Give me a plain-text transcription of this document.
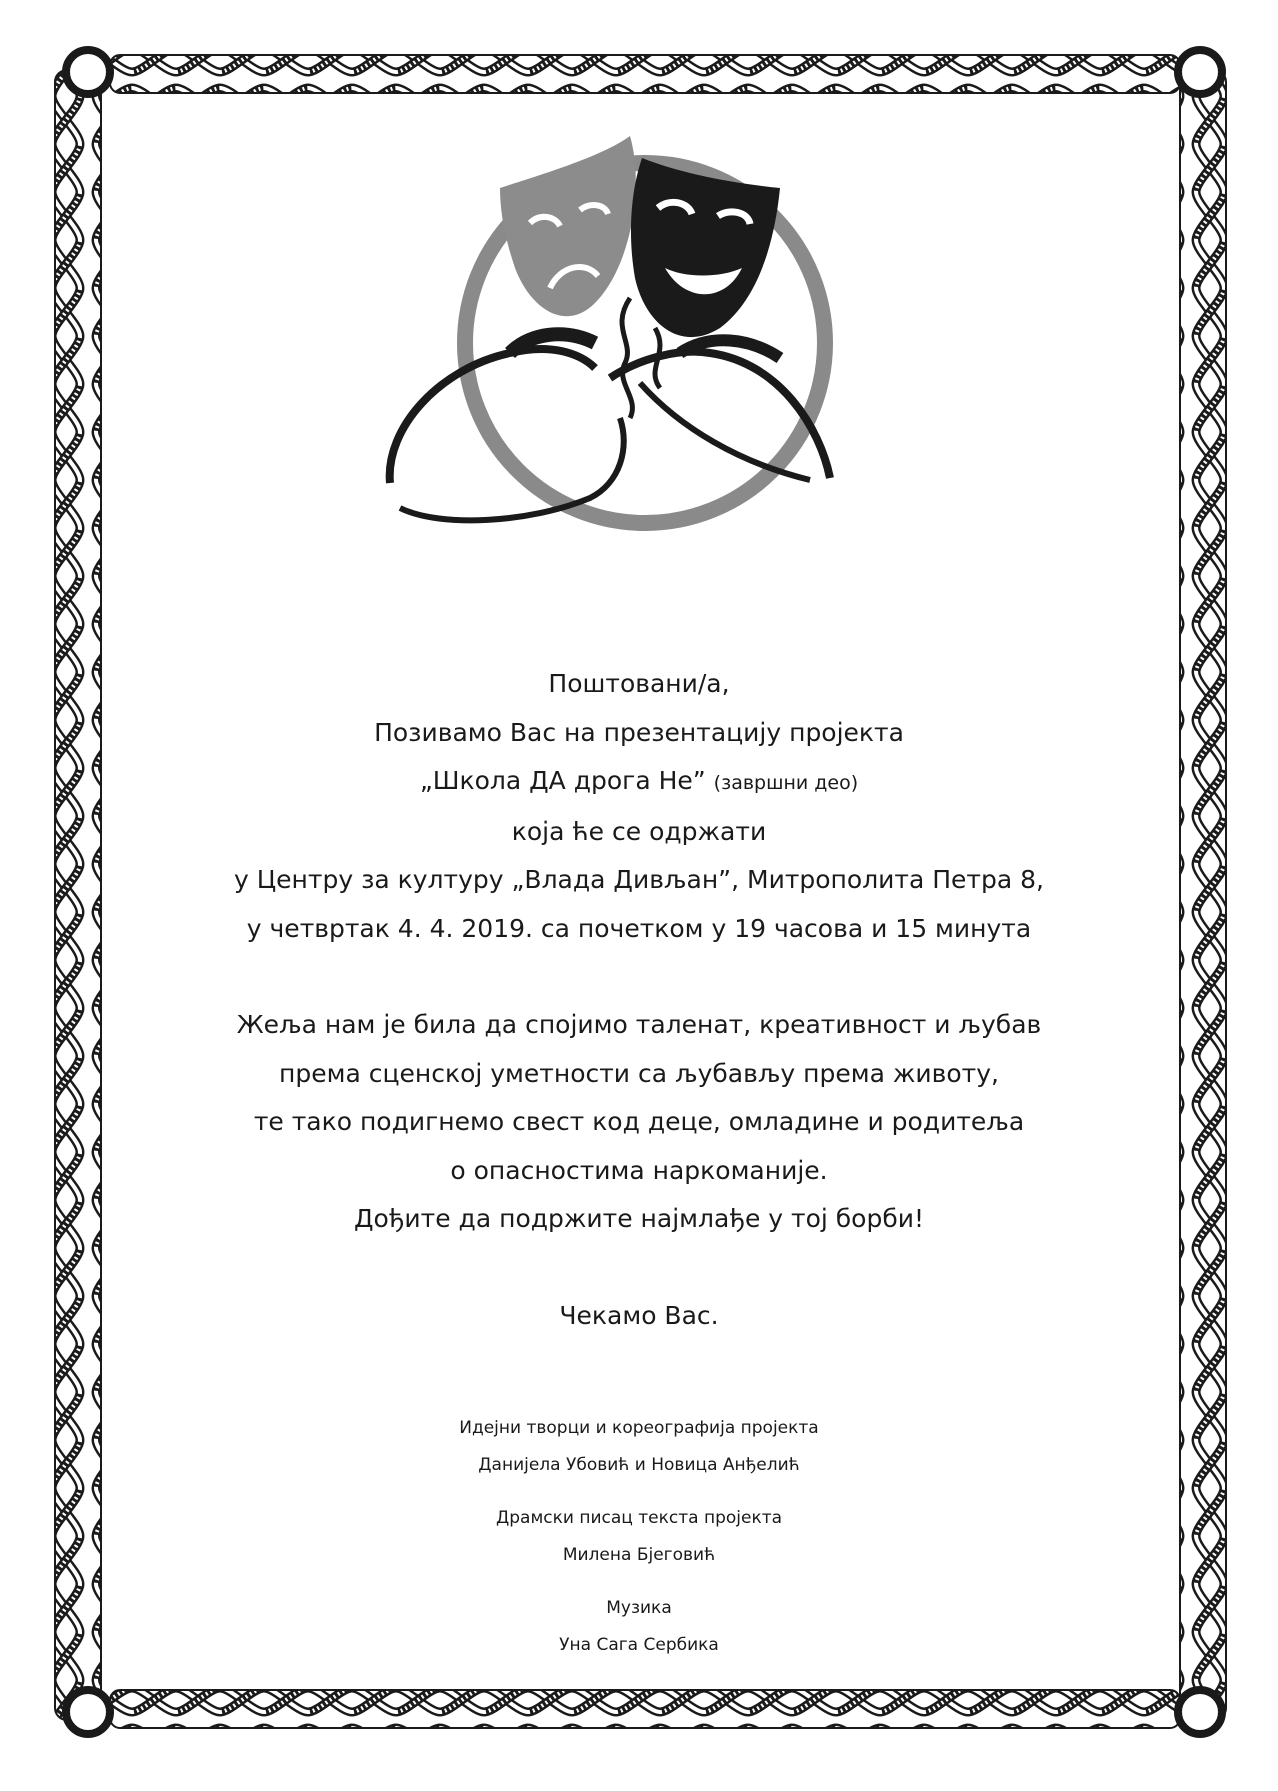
Поштовани/а,
Позивамо Вас на презентацију пројекта
„Школа ДА дрога Не” (завршни део)
која ће се одржати
у Центру за културу „Влада Дивљан”, Митрополита Петра 8,
у четвртак 4. 4. 2019. са почетком у 19 часова и 15 минута
Жеља нам је била да спојимо таленат, креативност и љубав
према сценској уметности са љубављу према животу,
те тако подигнемо свест код деце, омладине и родитеља
о опасностима наркоманије.
Дођите да подржите најмлађе у тој борби!
Чекамо Вас.
Идејни творци и кореографија пројекта
Данијела Убовић и Новица Анђелић
Драмски писац текста пројекта
Милена Бјеговић
Музика
Уна Сага Сербика
